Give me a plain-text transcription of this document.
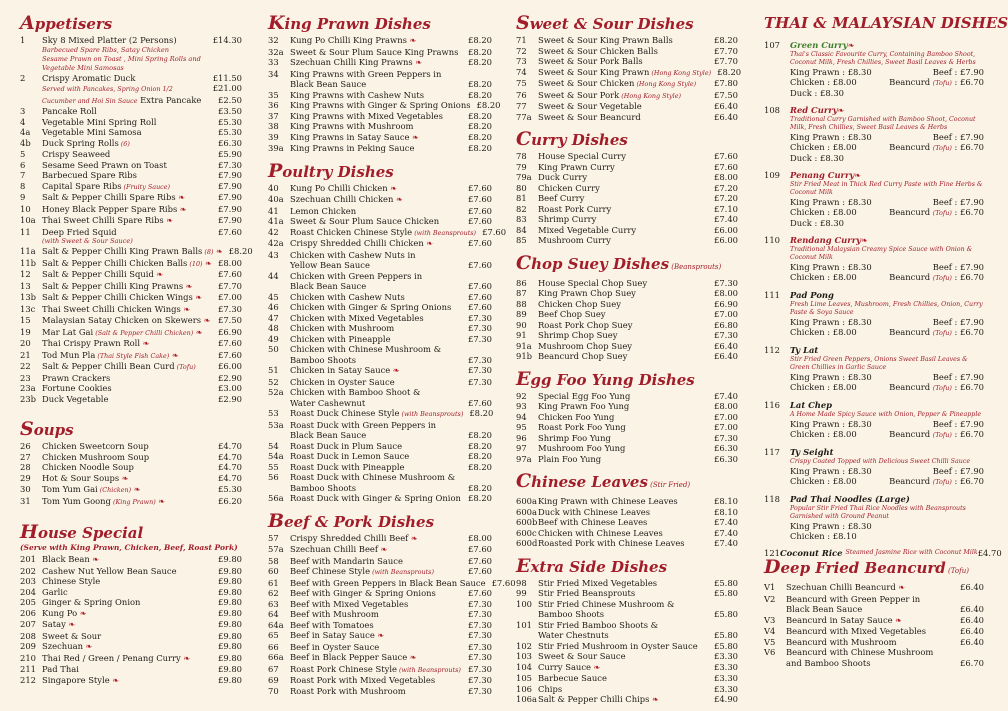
Appetisers
1	Sky 8 Mixed Platter (2 Persons)	£14.30
Barbecued Spare Ribs, Satay Chicken
Sesame Prawn on Toast , Mini Spring Rolls and
Vegetable Mini Samosas
2	Crispy Aromatic Duck	£11.50
Served with Pancakes, Spring Onion 1/2	£21.00
Cucumber and Hoi Sin Sauce Extra Pancake	£2.50
3	Pancake Roll	£3.50
4	Vegetable Mini Spring Roll	£5.30
4a	Vegetable Mini Samosa	£5.30
4b	Duck Spring Rolls (6)	£6.30
5	Crispy Seaweed	£5.90
6	Sesame Seed Prawn on Toast	£7.30
7	Barbecued Spare Ribs	£7.90
8	Capital Spare Ribs (Fruity Sauce)	£7.90
9	Salt & Pepper Chilli Spare Ribs ❧	£7.90
10	Honey Black Pepper Spare Ribs ❧	£7.90
10a Thai Sweet Chilli Spare Ribs ❧	£7.90
11	Deep Fried Squid	£7.60
(with Sweet & Sour Sauce)
11a Salt & Pepper Chilli King Prawn Balls (8) ❧ £8.20
11b Salt & Pepper Chilli Chicken Balls (10) ❧ £8.00
12	Salt & Pepper Chilli Squid ❧	£7.60
13	Salt & Pepper Chilli King Prawns ❧	£7.70
13b Salt & Pepper Chilli Chicken Wings ❧	£7.00
13c Thai Sweet Chilli Chicken Wings ❧	£7.30
15	Malaysian Satay Chicken on Skewers ❧ £7.50
19	Mar Lat Gai (Salt & Pepper Chilli Chicken) ❧	£6.90
20	Thai Crispy Prawn Roll ❧	£7.60
21	Tod Mun Pla (Thai Style Fish Cake) ❧	£7.60
22	Salt & Pepper Chilli Bean Curd (Tofu)	£6.00
23	Prawn Crackers	£2.90
23a Fortune Cookies	£3.00
23b Duck Vegetable	£2.90
Soups
26	Chicken Sweetcorn Soup	£4.70
27	Chicken Mushroom Soup	£4.70
28	Chicken Noodle Soup	£4.70
29	Hot & Sour Soups ❧	£4.70
30	Tom Yum Gai (Chicken) ❧	£5.30
31	Tom Yum Goong (King Prawn) ❧	£6.20
House Special
(Serve with King Prawn, Chicken, Beef, Roast Pork)
201 Black Bean ❧	£9.80
202 Cashew Nut Yellow Bean Sauce	£9.80
203 Chinese Style	£9.80
204 Garlic	£9.80
205 Ginger & Spring Onion	£9.80
206 Kung Po ❧	£9.80
207 Satay ❧	£9.80
208 Sweet & Sour	£9.80
209 Szechuan ❧	£9.80
210 Thai Red / Green / Penang Curry ❧	£9.80
211 Pad Thai	£9.80
212 Singapore Style ❧	£9.80
King Prawn Dishes
32	Kung Po Chilli King Prawns ❧	£8.20
32a Sweet & Sour Plum Sauce King Prawns	£8.20
33	Szechuan Chilli King Prawns ❧	£8.20
34	King Prawns with Green Peppers in
Black Bean Sauce	£8.20
35	King Prawns with Cashew Nuts	£8.20
36	King Prawns with Ginger & Spring Onions £8.20
37	King Prawns with Mixed Vegetables	£8.20
38	King Prawns with Mushroom	£8.20
39	King Prawns in Satay Sauce ❧	£8.20
39a King Prawns in Peking Sauce	£8.20
Poultry Dishes
40	Kung Po Chilli Chicken ❧	£7.60
40a Szechuan Chilli Chicken ❧	£7.60
41	Lemon Chicken	£7.60
41a Sweet & Sour Plum Sauce Chicken	£7.60
42	Roast Chicken Chinese Style (with Beansprouts) £7.60
42a Crispy Shredded Chilli Chicken ❧	£7.60
43	Chicken with Cashew Nuts in
Yellow Bean Sauce	£7.60
44	Chicken with Green Peppers in
Black Bean Sauce	£7.60
45	Chicken with Cashew Nuts	£7.60
46	Chicken with Ginger & Spring Onions	£7.60
47	Chicken with Mixed Vegetables	£7.30
48	Chicken with Mushroom	£7.30
49	Chicken with Pineapple	£7.30
50	Chicken with Chinese Mushroom &
Bamboo Shoots	£7.30
51	Chicken in Satay Sauce ❧	£7.30
52	Chicken in Oyster Sauce	£7.30
52a Chicken with Bamboo Shoot &
Water Cashewnut	£7.60
53	Roast Duck Chinese Style (with Beansprouts) £8.20
53a Roast Duck with Green Peppers in
Black Bean Sauce	£8.20
54	Roast Duck in Plum Sauce	£8.20
54a Roast Duck in Lemon Sauce	£8.20
55	Roast Duck with Pineapple	£8.20
56	Roast Duck with Chinese Mushroom &
Bamboo Shoots	£8.20
56a Roast Duck with Ginger & Spring Onion £8.20
Beef & Pork Dishes
57	Crispy Shredded Chilli Beef ❧	£8.00
57a Szechuan Chilli Beef ❧	£7.60
58	Beef with Mandarin Sauce	£7.60
60	Beef Chinese Style (with Beansprouts)	£7.60
61	Beef with Green Peppers in Black Bean Sauce £7.60
62	Beef with Ginger & Spring Onions	£7.60
63	Beef with Mixed Vegetables	£7.30
64	Beef with Mushroom	£7.30
64a Beef with Tomatoes	£7.30
65	Beef in Satay Sauce ❧	£7.30
66	Beef in Oyster Sauce	£7.30
66a Beef in Black Pepper Sauce ❧	£7.30
67	Roast Pork Chinese Style (with Beansprouts) £7.30
69	Roast Pork with Mixed Vegetables	£7.30
70	Roast Pork with Mushroom	£7.30
Sweet & Sour Dishes
71	Sweet & Sour King Prawn Balls	£8.20
72	Sweet & Sour Chicken Balls	£7.70
73	Sweet & Sour Pork Balls	£7.70
74	Sweet & Sour King Prawn (Hong Kong Style) £8.20
75	Sweet & Sour Chicken (Hong Kong Style)	£7.80
76	Sweet & Sour Pork (Hong Kong Style)	£7.50
77	Sweet & Sour Vegetable	£6.40
77a Sweet & Sour Beancurd	£6.40
Curry Dishes
78	House Special Curry	£7.60
79	King Prawn Curry	£7.60
79a Duck Curry	£8.00
80	Chicken Curry	£7.20
81	Beef Curry	£7.20
82	Roast Pork Curry	£7.10
83	Shrimp Curry	£7.40
84	Mixed Vegetable Curry	£6.00
85	Mushroom Curry	£6.00
Chop Suey Dishes (Beansprouts)
86	House Special Chop Suey	£7.30
87	King Prawn Chop Suey	£8.00
88	Chicken Chop Suey	£6.90
89	Beef Chop Suey	£7.00
90	Roast Pork Chop Suey	£6.80
91	Shrimp Chop Suey	£7.30
91a Mushroom Chop Suey	£6.40
91b Beancurd Chop Suey	£6.40
Egg Foo Yung Dishes
92	Special Egg Foo Yung	£7.40
93	King Prawn Foo Yung	£8.00
94	Chicken Foo Yung	£7.00
95	Roast Pork Foo Yung	£7.00
96	Shrimp Foo Yung	£7.30
97	Mushroom Foo Yung	£6.30
97a Plain Foo Yung	£6.30
Chinese Leaves (Stir Fried)
600a King Prawn with Chinese Leaves	£8.10
600a Duck with Chinese Leaves	£8.10
600b Beef with Chinese Leaves	£7.40
600c Chicken with Chinese Leaves	£7.40
600d Roasted Pork with Chinese Leaves	£7.40
Extra Side Dishes
98	Stir Fried Mixed Vegetables	£5.80
99	Stir Fried Beansprouts	£5.80
100 Stir Fried Chinese Mushroom &
Bamboo Shoots	£5.80
101 Stir Fried Bamboo Shoots &
Water Chestnuts	£5.80
102 Stir Fried Mushroom in Oyster Sauce	£5.80
103 Sweet & Sour Sauce	£3.30
104 Curry Sauce ❧	£3.30
105 Barbecue Sauce	£3.30
106 Chips	£3.30
106a Salt & Pepper Chilli Chips ❧	£4.90
THAI & MALAYSIAN DISHES
107	Green Curry ❧
Thai's Classic Favourite Curry, Containing Bamboo Shoot, Coconut Milk, Fresh Chillies, Sweet Basil Leaves & Herbs
King Prawn : £8.30	Beef : £7.90
Chicken : £8.00	Beancurd (Tofu) : £6.70
Duck : £8.30
108	Red Curry ❧
Traditional Curry Garnished with Bamboo Shoot, Coconut Milk, Fresh Chillies, Sweet Basil Leaves & Herbs
King Prawn : £8.30	Beef : £7.90
Chicken : £8.00	Beancurd (Tofu) : £6.70
Duck : £8.30
109	Penang Curry ❧
Stir Fried Meat in Thick Red Curry Paste with Fine Herbs & Coconut Milk
King Prawn : £8.30	Beef : £7.90
Chicken : £8.00	Beancurd (Tofu) : £6.70
Duck : £8.30
110	Rendang Curry ❧
Traditional Malaysian Creamy Spice Sauce with Onion & Coconut Milk
King Prawn : £8.30	Beef : £7.90
Chicken : £8.00	Beancurd (Tofu) : £6.70
111	Pad Pong
Fresh Lime Leaves, Mushroom, Fresh Chillies, Onion, Curry Paste & Soya Sauce
King Prawn : £8.30	Beef : £7.90
Chicken : £8.00	Beancurd (Tofu) : £6.70
112	Ty Lat
Stir Fried Green Peppers, Onions Sweet Basil Leaves & Green Chillies in Garlic Sauce
King Prawn : £8.30	Beef : £7.90
Chicken : £8.00	Beancurd (Tofu) : £6.70
116	Lat Chep
A Home Made Spicy Sauce with Onion, Pepper & Pineapple
King Prawn : £8.30	Beef : £7.90
Chicken : £8.00	Beancurd (Tofu) : £6.70
117	Ty Seight
Crispy Coated Topped with Delicious Sweet Chilli Sauce
King Prawn : £8.30	Beef : £7.90
Chicken : £8.00	Beancurd (Tofu) : £6.70
118	Pad Thai Noodles (Large)
Popular Stir Fried Thai Rice Noodles with Beansprouts Garnished with Ground Peanut
King Prawn : £8.30
Chicken : £8.10
121 Coconut Rice Steamed Jasmine Rice with Coconut Milk £4.70
Deep Fried Beancurd (Tofu)
V1	Szechuan Chilli Beancurd ❧	£6.40
V2	Beancurd with Green Pepper in
Black Bean Sauce	£6.40
V3	Beancurd in Satay Sauce ❧	£6.40
V4	Beancurd with Mixed Vegetables	£6.40
V5	Beancurd with Mushroom	£6.40
V6	Beancurd with Chinese Mushroom
and Bamboo Shoots	£6.70
